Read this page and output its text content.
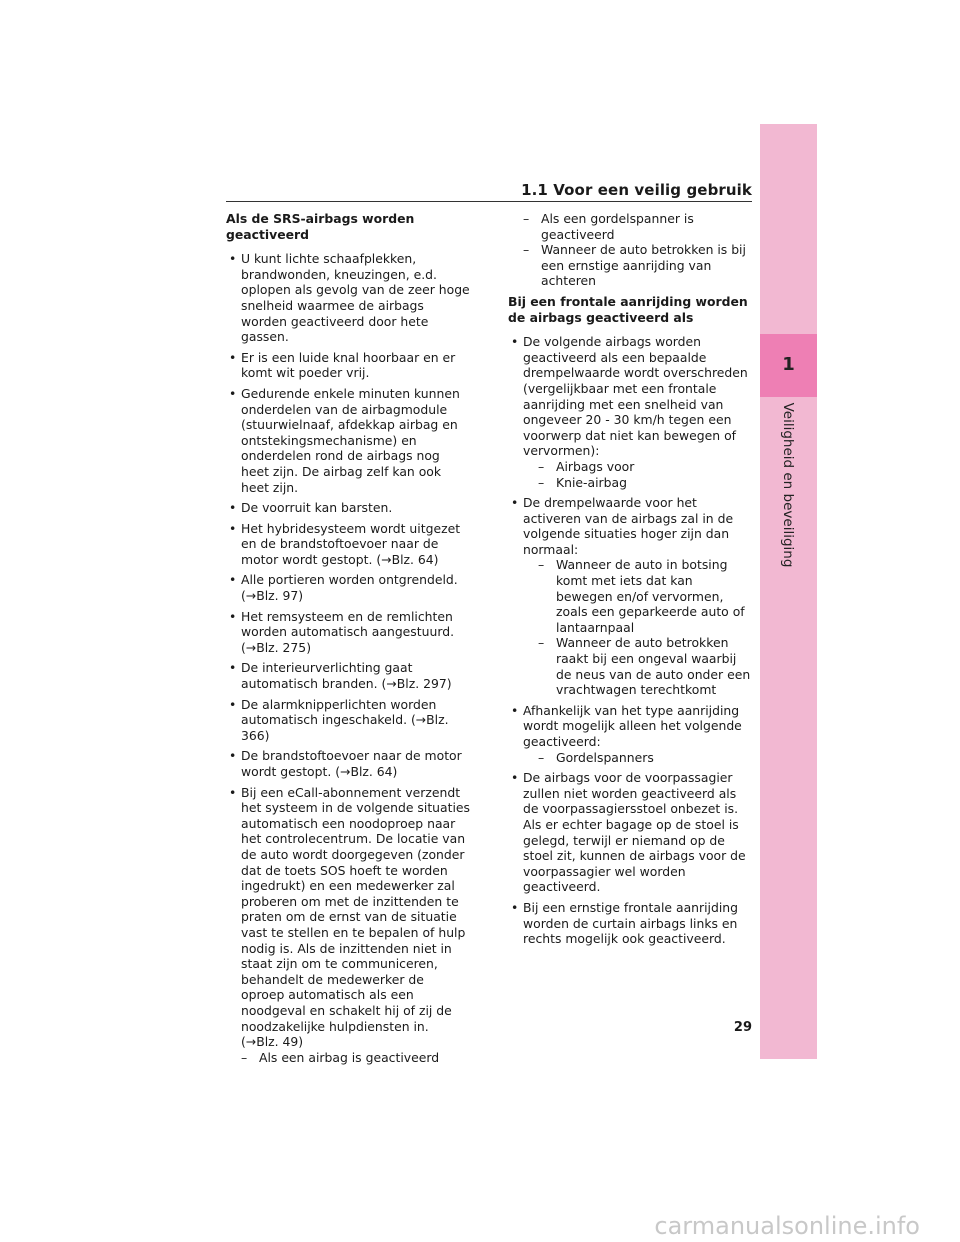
1
Veiligheid en beveiliging
1.1 Voor een veilig gebruik
Als de SRS-airbags worden geactiveerd
• U kunt lichte schaafplekken, brandwonden, kneuzingen, e.d. oplopen als gevolg van de zeer hoge snelheid waarmee de airbags worden geactiveerd door hete gassen.
• Er is een luide knal hoorbaar en er komt wit poeder vrij.
• Gedurende enkele minuten kunnen onderdelen van de airbagmodule (stuurwielnaaf, afdekkap airbag en ontstekingsmechanisme) en onderdelen rond de airbags nog heet zijn. De airbag zelf kan ook heet zijn.
• De voorruit kan barsten.
• Het hybridesysteem wordt uitgezet en de brandstoftoevoer naar de motor wordt gestopt. (→Blz. 64)
• Alle portieren worden ontgrendeld. (→Blz. 97)
• Het remsysteem en de remlichten worden automatisch aangestuurd. (→Blz. 275)
• De interieurverlichting gaat automatisch branden. (→Blz. 297)
• De alarmknipperlichten worden automatisch ingeschakeld. (→Blz. 366)
• De brandstoftoevoer naar de motor wordt gestopt. (→Blz. 64)
• Bij een eCall-abonnement verzendt het systeem in de volgende situaties automatisch een noodoproep naar het controlecentrum. De locatie van de auto wordt doorgegeven (zonder dat de toets SOS hoeft te worden ingedrukt) en een medewerker zal proberen om met de inzittenden te praten om de ernst van de situatie vast te stellen en te bepalen of hulp nodig is. Als de inzittenden niet in staat zijn om te communiceren, behandelt de medewerker de oproep automatisch als een noodgeval en schakelt hij of zij de noodzakelijke hulpdiensten in. (→Blz. 49)
– Als een airbag is geactiveerd
– Als een gordelspanner is geactiveerd
– Wanneer de auto betrokken is bij een ernstige aanrijding van achteren
Bij een frontale aanrijding worden de airbags geactiveerd als
• De volgende airbags worden geactiveerd als een bepaalde drempelwaarde wordt overschreden (vergelijkbaar met een frontale aanrijding met een snelheid van ongeveer 20 - 30 km/h tegen een voorwerp dat niet kan bewegen of vervormen):
– Airbags voor
– Knie-airbag
• De drempelwaarde voor het activeren van de airbags zal in de volgende situaties hoger zijn dan normaal:
– Wanneer de auto in botsing komt met iets dat kan bewegen en/of vervormen, zoals een geparkeerde auto of lantaarnpaal
– Wanneer de auto betrokken raakt bij een ongeval waarbij de neus van de auto onder een vrachtwagen terechtkomt
• Afhankelijk van het type aanrijding wordt mogelijk alleen het volgende geactiveerd:
– Gordelspanners
• De airbags voor de voorpassagier zullen niet worden geactiveerd als de voorpassagiersstoel onbezet is. Als er echter bagage op de stoel is gelegd, terwijl er niemand op de stoel zit, kunnen de airbags voor de voorpassagier wel worden geactiveerd.
• Bij een ernstige frontale aanrijding worden de curtain airbags links en rechts mogelijk ook geactiveerd.
29
carmanualsonline.info
